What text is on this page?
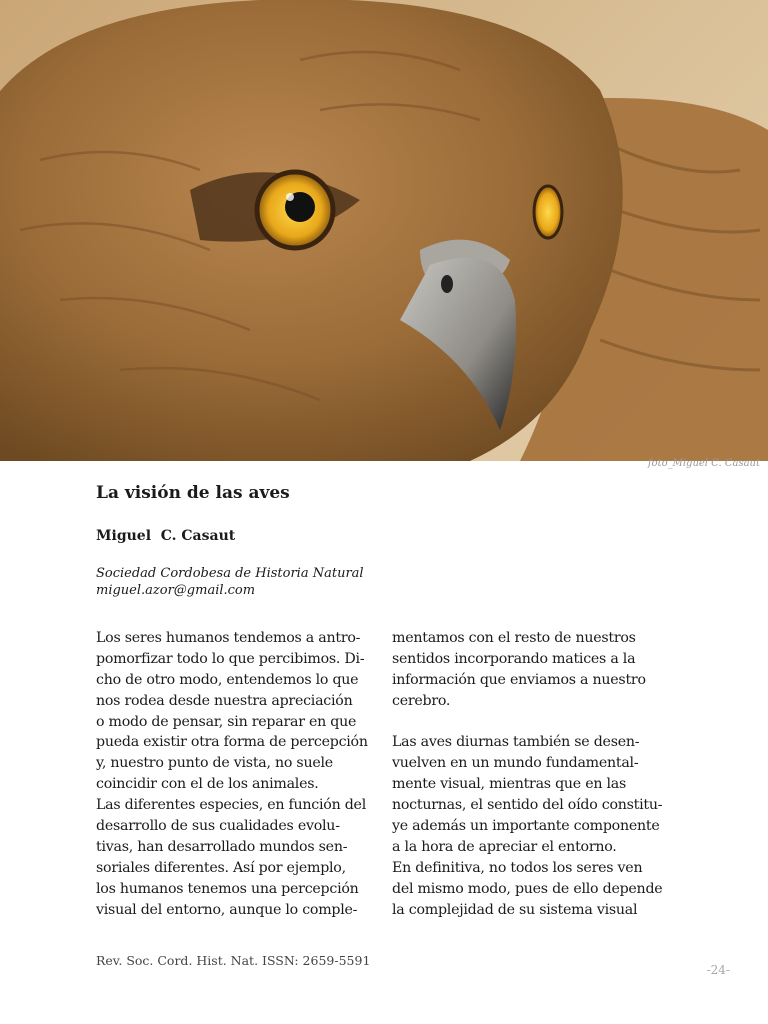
foto_Miguel C. Casaut
La visión de las aves
Miguel  C. Casaut
Sociedad Cordobesa de Historia Natural
miguel.azor@gmail.com
Los seres humanos tendemos a antro-
pomorfizar todo lo que percibimos. Di-
cho de otro modo, entendemos lo que
nos rodea desde nuestra apreciación
o modo de pensar, sin reparar en que
pueda existir otra forma de percepción
y, nuestro punto de vista, no suele
coincidir con el de los animales.
Las diferentes especies, en función del
desarrollo de sus cualidades evolu-
tivas, han desarrollado mundos sen-
soriales diferentes. Así por ejemplo,
los humanos tenemos una percepción
visual del entorno, aunque lo comple-
mentamos con el resto de nuestros
sentidos incorporando matices a la
información que enviamos a nuestro
cerebro.
Las aves diurnas también se desen-
vuelven en un mundo fundamental-
mente visual, mientras que en las
nocturnas, el sentido del oído constitu-
ye además un importante componente
a la hora de apreciar el entorno.
En definitiva, no todos los seres ven
del mismo modo, pues de ello depende
la complejidad de su sistema visual
Rev. Soc. Cord. Hist. Nat. ISSN: 2659-5591
-24-
